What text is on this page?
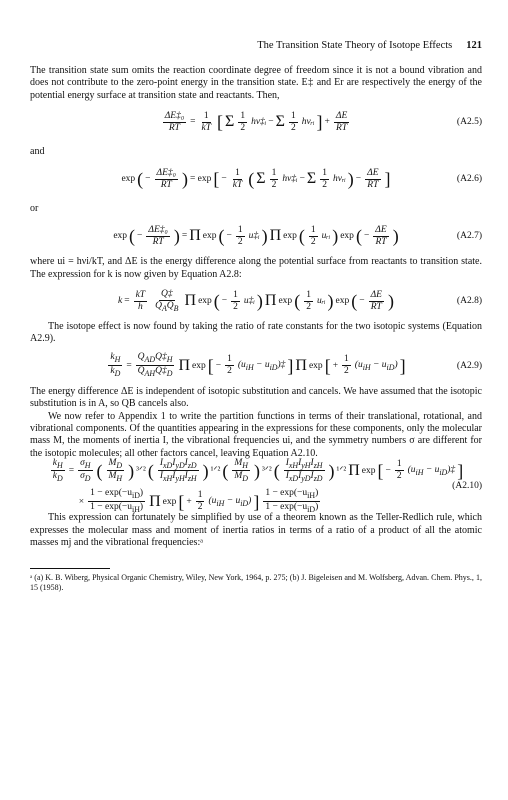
The Transition State Theory of Isotope Effects 121

The transition state sum omits the reaction coordinate degree of freedom since it is not a bound vibration and does not contribute to the zero-point energy in the transition state. E‡ and Er are respectively the energy of the potential energy surface at transition state and reactants. Then,

$\frac{\text{ΔE‡₀}}{RT} = \frac{1}{kT}$ [ Σ $\frac{1}{2}$ hν‡ᵢ − Σ $\frac{1}{2}$ hνᵣᵢ ] + $\frac{\Delta E}{RT}$	(A2.5)
and
exp ( − $\frac{\text{ΔE‡₀}}{RT}$ ) = exp [ − $\frac{1}{kT}$ ( Σ $\frac{1}{2}$ hν‡ᵢ − Σ $\frac{1}{2}$ hνᵣᵢ ) − $\frac{\Delta E}{RT}$ ]	(A2.6)
or
exp ( − $\frac{\text{ΔE‡₀}}{RT}$ ) = Π exp ( − $\frac{1}{2}$ u‡ᵢ ) Π exp ( $\frac{1}{2}$ uᵣᵢ ) exp ( − $\frac{\Delta E}{RT}$ )	(A2.7)

where ui = hνi/kT, and ΔE is the energy difference along the potential surface from reactants to transition state. The expression for k is now given by Equation A2.8:

$k = \frac{kT}{h} \frac{Q\ddagger}{Q_AQ_B}$ Π exp ( − $\frac{1}{2}$ u‡ᵢ ) Π exp ( $\frac{1}{2}$ uᵣᵢ ) exp ( − $\frac{\Delta E}{RT}$ )	(A2.8)

The isotope effect is now found by taking the ratio of rate constants for the two isotopic systems (Equation A2.9).

$\frac{k_H}{k_D} = \frac{Q_{AD}Q\ddagger_H}{Q_{AH}Q\ddagger_D}$ Π exp [ − $\frac{1}{2} (u_{iH}$ − $u_{iD})\ddagger$ ] Π exp [ + $\frac{1}{2} (u_{iH} - u_{iD})$ ]	(A2.9)

The energy difference ΔE is independent of isotopic substitution and cancels. We have assumed that the isotopic substitution is in A, so QB cancels also.

We now refer to Appendix 1 to write the partition functions in terms of their translational, rotational, and vibrational components. Of the quantities appearing in the expressions for these components, only the molecular mass M, the moments of inertia I, the vibrational frequencies ui, and the symmetry numbers σ are different for the isotopic molecules; all other factors cancel, leaving Equation A2.10.

$\frac{k_H}{k_D} = \frac{\sigma_H}{\sigma_D}$ ( $\frac{M_D}{M_H}$ ) ³ᐟ² ( $\frac{I_{xD}I_{yD}I_{zD}}{I_{xH}I_{yH}I_{zH}}$ ) ¹ᐟ² ( $\frac{M_H}{M_D}$ ) ³ᐟ² ( $\frac{I_{xH}I_{yH}I_{zH}}{I_{xD}I_{yD}I_{zD}}$ ) ¹ᐟ² Π exp [ − $\frac{1}{2} (u_{iH}$ − $u_{iD})\ddagger$ ]
× $\frac{1 - \exp(-u_{iD})}{1 - \exp(-u_{iH})}$ Π exp [ + $\frac{1}{2} (u_{iH} - u_{iD})$ ] $\frac{1 - \exp(-u_{iH})}{1 - \exp(-u_{iD})}$
(A2.10)

This expression can fortunately be simplified by use of a theorem known as the Teller-Redlich rule, which expresses the molecular mass and moment of inertia ratios in terms of a ratio of a product of all the atomic masses mj and the vibrational frequencies:ᵃ

ᵃ (a) K. B. Wiberg, Physical Organic Chemistry, Wiley, New York, 1964, p. 275; (b) J. Bigeleisen and M. Wolfsberg, Advan. Chem. Phys., 1, 15 (1958).
